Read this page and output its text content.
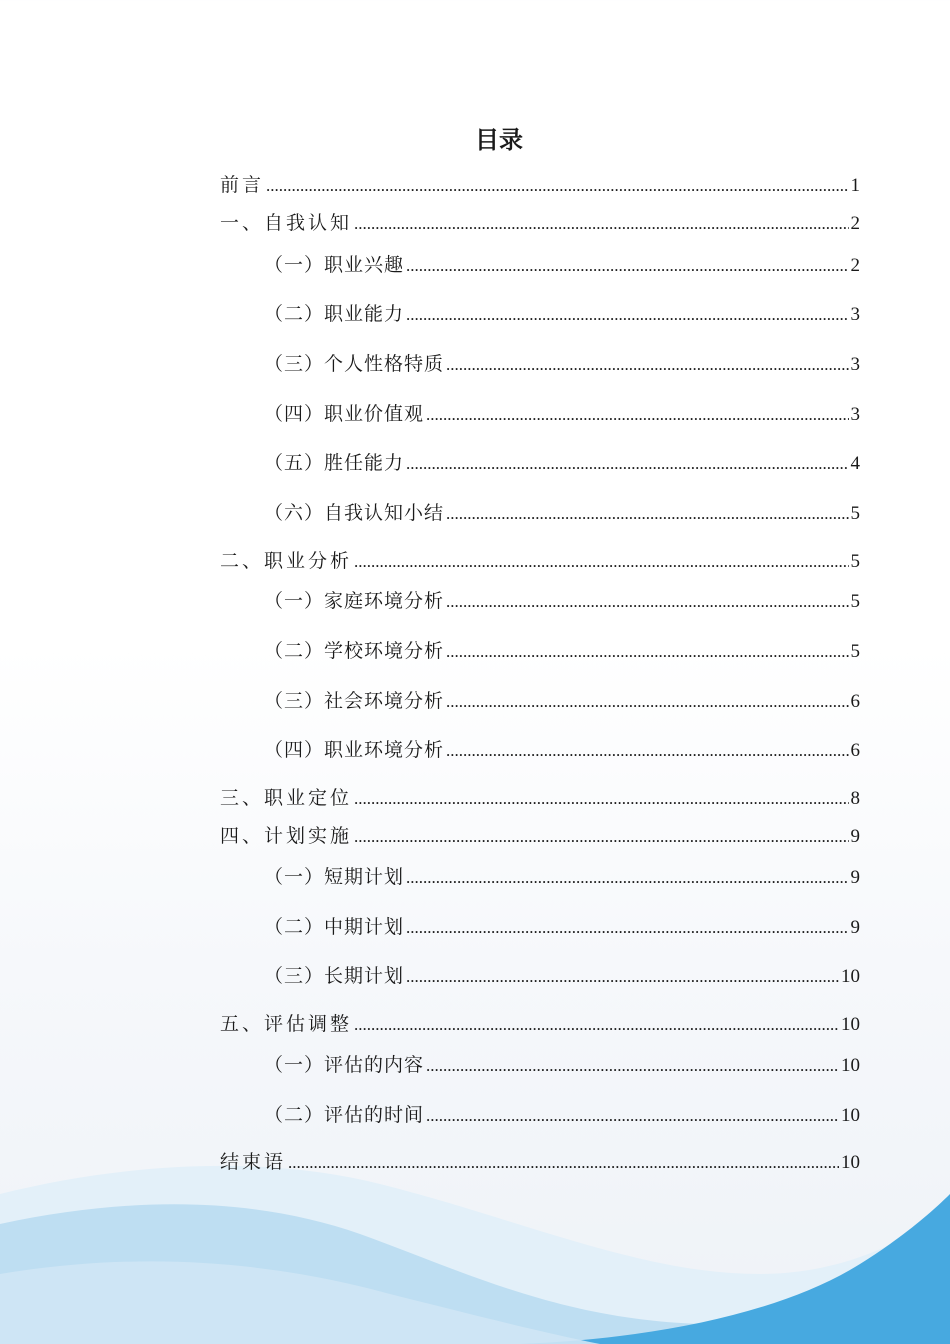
目录
前言 .....	1
一、自我认知 .....	2
（一）职业兴趣 .....	2
（二）职业能力 .....	3
（三）个人性格特质 .....	3
（四）职业价值观 .....	3
（五）胜任能力 .....	4
（六）自我认知小结 .....	5
二、职业分析 .....	5
（一）家庭环境分析 .....	5
（二）学校环境分析 .....	5
（三）社会环境分析 .....	6
（四）职业环境分析 .....	6
三、职业定位 .....	8
四、计划实施 .....	9
（一）短期计划 .....	9
（二）中期计划 .....	9
（三）长期计划 .....	10
五、评估调整 .....	10
（一）评估的内容 .....	10
（二）评估的时间 .....	10
结束语 .....	10
